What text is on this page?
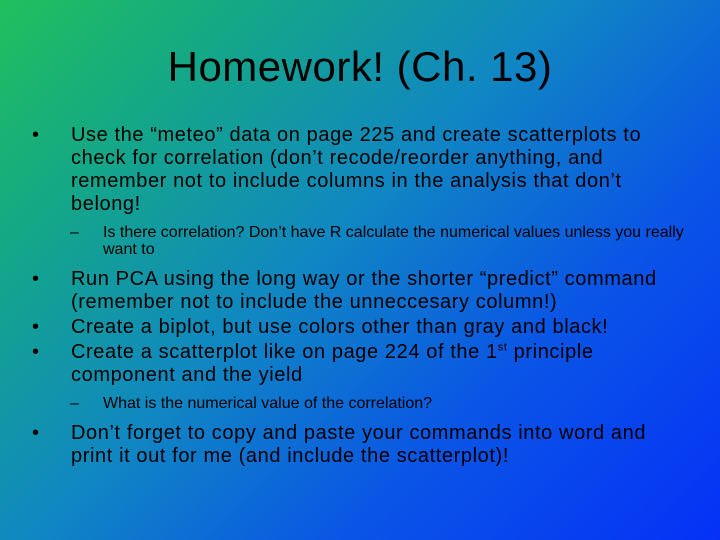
Homework! (Ch. 13)
•	Use the “meteo” data on page 225 and create scatterplots to check for correlation (don’t recode/reorder anything, and remember not to include columns in the analysis that don’t belong!
–	Is there correlation? Don’t have R calculate the numerical values unless you really want to
•	Run PCA using the long way or the shorter “predict” command (remember not to include the unneccesary column!)
•	Create a biplot, but use colors other than gray and black!
•	Create a scatterplot like on page 224 of the 1st principle component and the yield
–	What is the numerical value of the correlation?
•	Don’t forget to copy and paste your commands into word and print it out for me (and include the scatterplot)!
